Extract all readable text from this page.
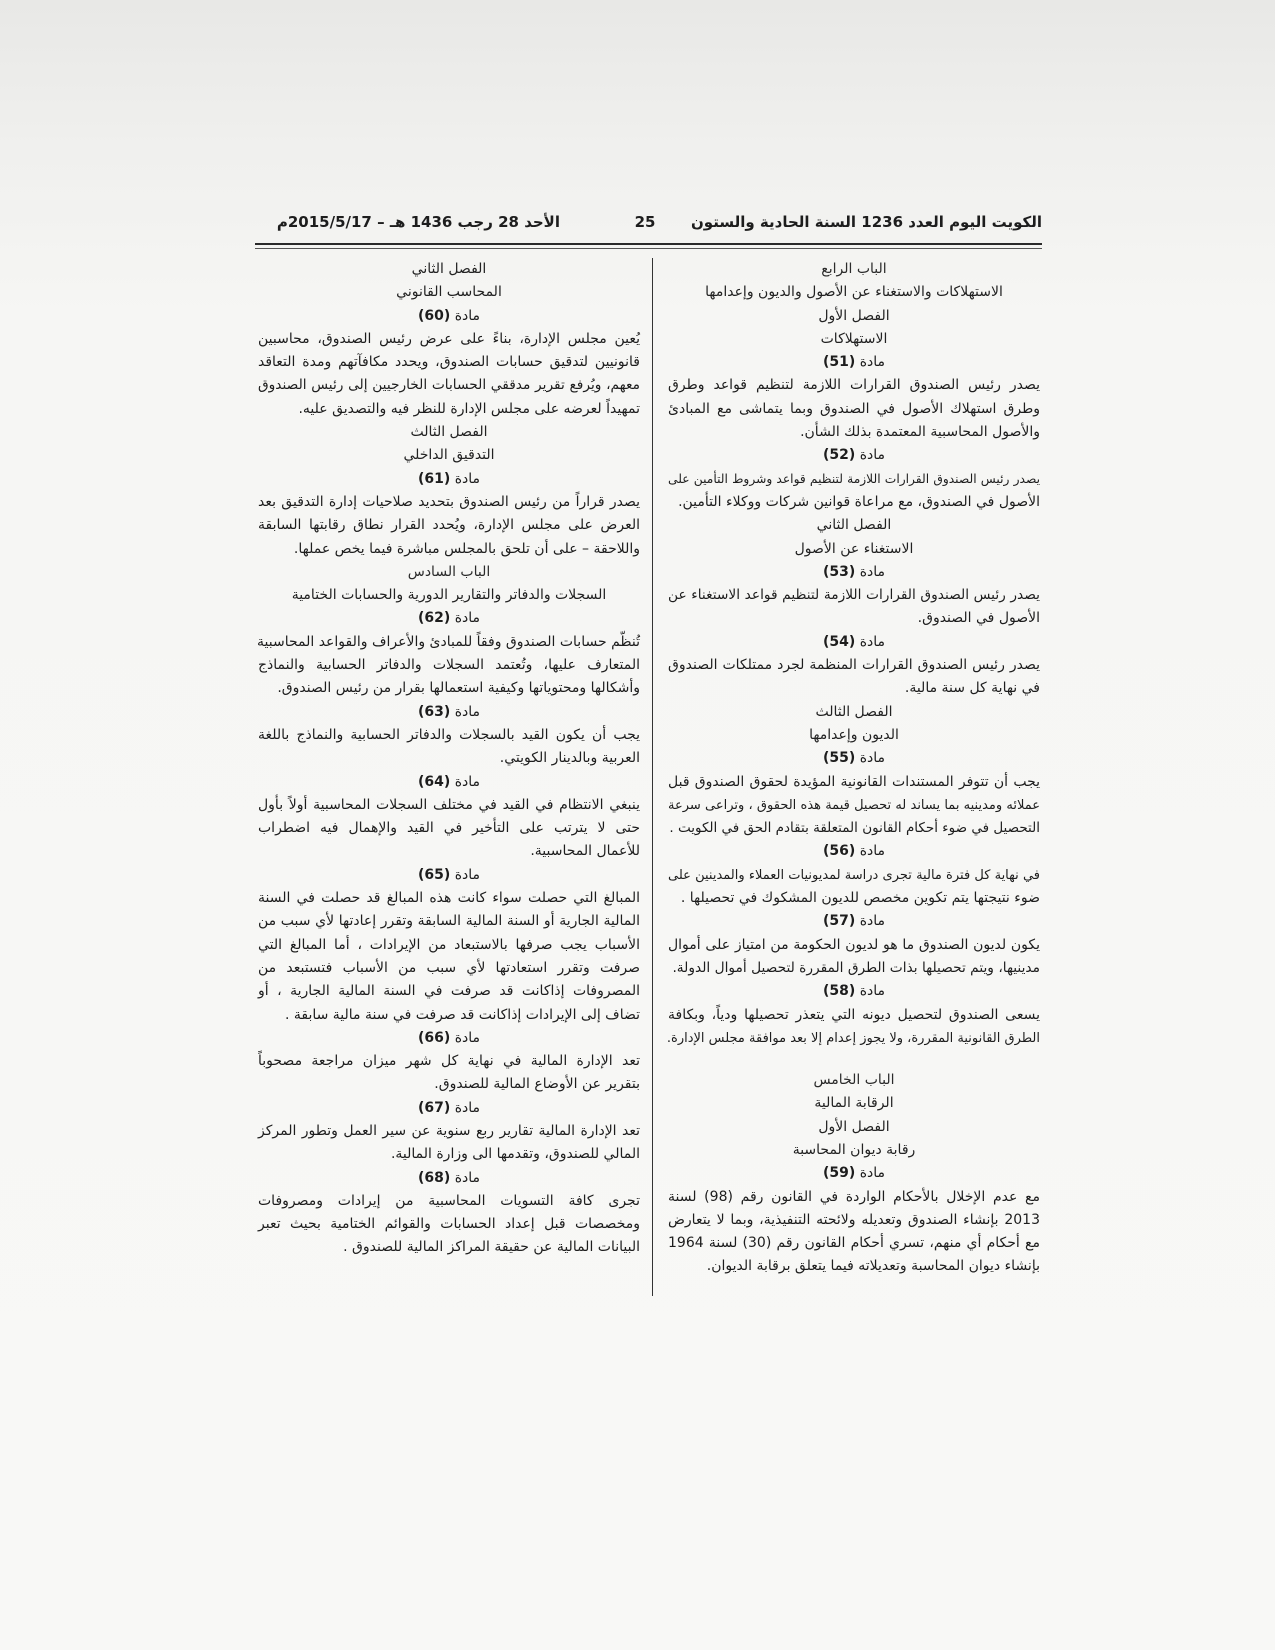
الكويت اليوم العدد 1236 السنة الحادية والستون
25
الأحد 28 رجب 1436 هـ – 2015/5/17م
الباب الرابع
الاستهلاكات والاستغناء عن الأصول والديون وإعدامها
الفصل الأول
الاستهلاكات
مادة (51)
يصدر رئيس الصندوق القرارات اللازمة لتنظيم قواعد وطرق
وطرق استهلاك الأصول في الصندوق وبما يتماشى مع المبادئ
والأصول المحاسبية المعتمدة بذلك الشأن.
مادة (52)
يصدر رئيس الصندوق القرارات اللازمة لتنظيم قواعد وشروط التأمين على
الأصول في الصندوق، مع مراعاة قوانين شركات ووكلاء التأمين.
الفصل الثاني
الاستغناء عن الأصول
مادة (53)
يصدر رئيس الصندوق القرارات اللازمة لتنظيم قواعد الاستغناء عن
الأصول في الصندوق.
مادة (54)
يصدر رئيس الصندوق القرارات المنظمة لجرد ممتلكات الصندوق
في نهاية كل سنة مالية.
الفصل الثالث
الديون وإعدامها
مادة (55)
يجب أن تتوفر المستندات القانونية المؤيدة لحقوق الصندوق قبل
عملائه ومدينيه بما يساند له تحصيل قيمة هذه الحقوق ، وتراعى سرعة
التحصيل في ضوء أحكام القانون المتعلقة بتقادم الحق في الكويت .
مادة (56)
في نهاية كل فترة مالية تجرى دراسة لمديونيات العملاء والمدينين على
ضوء نتيجتها يتم تكوين مخصص للديون المشكوك في تحصيلها .
مادة (57)
يكون لديون الصندوق ما هو لديون الحكومة من امتياز على أموال
مدينيها، ويتم تحصيلها بذات الطرق المقررة لتحصيل أموال الدولة.
مادة (58)
يسعى الصندوق لتحصيل ديونه التي يتعذر تحصيلها ودياً، وبكافة
الطرق القانونية المقررة، ولا يجوز إعدام إلا بعد موافقة مجلس الإدارة.
الباب الخامس
الرقابة المالية
الفصل الأول
رقابة ديوان المحاسبة
مادة (59)
مع عدم الإخلال بالأحكام الواردة في القانون رقم (98) لسنة
2013 بإنشاء الصندوق وتعديله ولائحته التنفيذية، وبما لا يتعارض
مع أحكام أي منهم، تسري أحكام القانون رقم (30) لسنة 1964
بإنشاء ديوان المحاسبة وتعديلاته فيما يتعلق برقابة الديوان.
الفصل الثاني
المحاسب القانوني
مادة (60)
يُعين مجلس الإدارة، بناءً على عرض رئيس الصندوق، محاسبين
قانونيين لتدقيق حسابات الصندوق، ويحدد مكافآتهم ومدة التعاقد
معهم، ويُرفع تقرير مدققي الحسابات الخارجيين إلى رئيس الصندوق
تمهيداً لعرضه على مجلس الإدارة للنظر فيه والتصديق عليه.
الفصل الثالث
التدقيق الداخلي
مادة (61)
يصدر قراراً من رئيس الصندوق بتحديد صلاحيات إدارة التدقيق بعد
العرض على مجلس الإدارة، ويُحدد القرار نطاق رقابتها السابقة
واللاحقة – على أن تلحق بالمجلس مباشرة فيما يخص عملها.
الباب السادس
السجلات والدفاتر والتقارير الدورية والحسابات الختامية
مادة (62)
تُنظّم حسابات الصندوق وفقاً للمبادئ والأعراف والقواعد المحاسبية
المتعارف عليها، وتُعتمد السجلات والدفاتر الحسابية والنماذج
وأشكالها ومحتوياتها وكيفية استعمالها بقرار من رئيس الصندوق.
مادة (63)
يجب أن يكون القيد بالسجلات والدفاتر الحسابية والنماذج باللغة
العربية وبالدينار الكويتي.
مادة (64)
ينبغي الانتظام في القيد في مختلف السجلات المحاسبية أولاً بأول
حتى لا يترتب على التأخير في القيد والإهمال فيه اضطراب
للأعمال المحاسبية.
مادة (65)
المبالغ التي حصلت سواء كانت هذه المبالغ قد حصلت في السنة
المالية الجارية أو السنة المالية السابقة وتقرر إعادتها لأي سبب من
الأسباب يجب صرفها بالاستبعاد من الإيرادات ، أما المبالغ التي
صرفت وتقرر استعادتها لأي سبب من الأسباب فتستبعد من
المصروفات إذاكانت قد صرفت في السنة المالية الجارية ، أو
تضاف إلى الإيرادات إذاكانت قد صرفت في سنة مالية سابقة .
مادة (66)
تعد الإدارة المالية في نهاية كل شهر ميزان مراجعة مصحوباً
بتقرير عن الأوضاع المالية للصندوق.
مادة (67)
تعد الإدارة المالية تقارير ربع سنوية عن سير العمل وتطور المركز
المالي للصندوق، وتقدمها الى وزارة المالية.
مادة (68)
تجرى كافة التسويات المحاسبية من إيرادات ومصروفات
ومخصصات قبل إعداد الحسابات والقوائم الختامية بحيث تعبر
البيانات المالية عن حقيقة المراكز المالية للصندوق .
